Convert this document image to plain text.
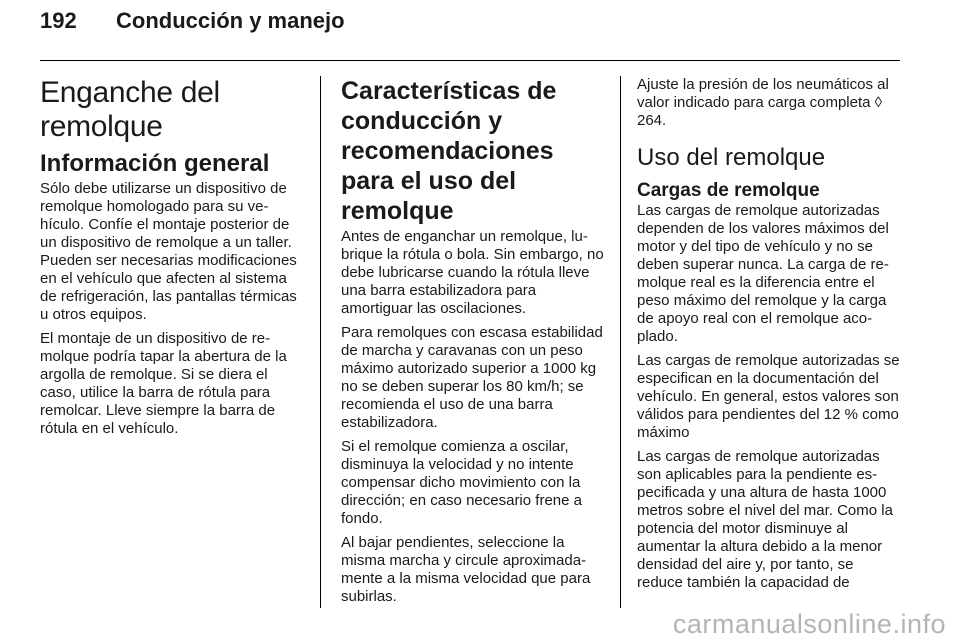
192 Conducción y manejo
Enganche del remolque
Información general

Sólo debe utilizarse un dispositivo de remolque homologado para su vehículo. Confíe el montaje posterior de un dispositivo de remolque a un taller. Pueden ser necesarias modificaciones en el vehículo que afecten al sistema de refrigeración, las pantallas térmicas u otros equipos.

El montaje de un dispositivo de remolque podría tapar la abertura de la argolla de remolque. Si se diera el caso, utilice la barra de rótula para remolcar. Lleve siempre la barra de rótula en el vehículo.

Características de conducción y recomendaciones para el uso del remolque

Antes de enganchar un remolque, lubrique la rótula o bola. Sin embargo, no debe lubricarse cuando la rótula lleve una barra estabilizadora para amortiguar las oscilaciones.

Para remolques con escasa estabilidad de marcha y caravanas con un peso máximo autorizado superior a 1000 kg no se deben superar los 80 km/h; se recomienda el uso de una barra estabilizadora.

Si el remolque comienza a oscilar, disminuya la velocidad y no intente compensar dicho movimiento con la dirección; en caso necesario frene a fondo.

Al bajar pendientes, seleccione la misma marcha y circule aproximadamente a la misma velocidad que para subirlas.

Ajuste la presión de los neumáticos al valor indicado para carga completa ◊ 264.

Uso del remolque
Cargas de remolque

Las cargas de remolque autorizadas dependen de los valores máximos del motor y del tipo de vehículo y no se deben superar nunca. La carga de remolque real es la diferencia entre el peso máximo del remolque y la carga de apoyo real con el remolque acoplado.

Las cargas de remolque autorizadas se especifican en la documentación del vehículo. En general, estos valores son válidos para pendientes del 12 % como máximo

Las cargas de remolque autorizadas son aplicables para la pendiente especificada y una altura de hasta 1000 metros sobre el nivel del mar. Como la potencia del motor disminuye al aumentar la altura debido a la menor densidad del aire y, por tanto, se reduce también la capacidad de

carmanualsonline.info
